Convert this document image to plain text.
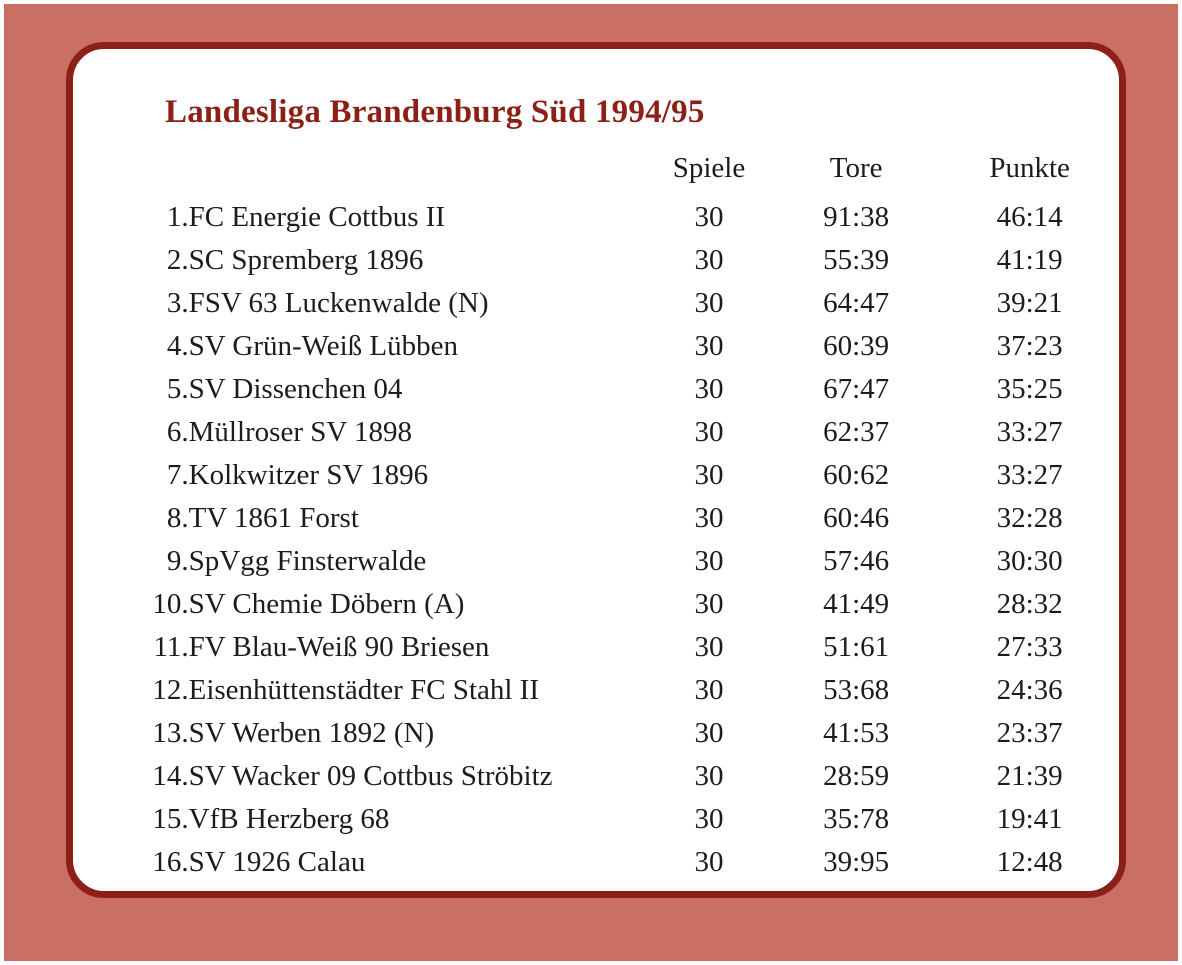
Landesliga Brandenburg Süd 1994/95
		Spiele	Tore	Punkte
1.	FC Energie Cottbus II	30	91:38	46:14
2.	SC Spremberg 1896	30	55:39	41:19
3.	FSV 63 Luckenwalde (N)	30	64:47	39:21
4.	SV Grün-Weiß Lübben	30	60:39	37:23
5.	SV Dissenchen 04	30	67:47	35:25
6.	Müllroser SV 1898	30	62:37	33:27
7.	Kolkwitzer SV 1896	30	60:62	33:27
8.	TV 1861 Forst	30	60:46	32:28
9.	SpVgg Finsterwalde	30	57:46	30:30
10.	SV Chemie Döbern (A)	30	41:49	28:32
11.	FV Blau-Weiß 90 Briesen	30	51:61	27:33
12.	Eisenhüttenstädter FC Stahl II	30	53:68	24:36
13.	SV Werben 1892 (N)	30	41:53	23:37
14.	SV Wacker 09 Cottbus Ströbitz	30	28:59	21:39
15.	VfB Herzberg 68	30	35:78	19:41
16.	SV 1926 Calau	30	39:95	12:48
